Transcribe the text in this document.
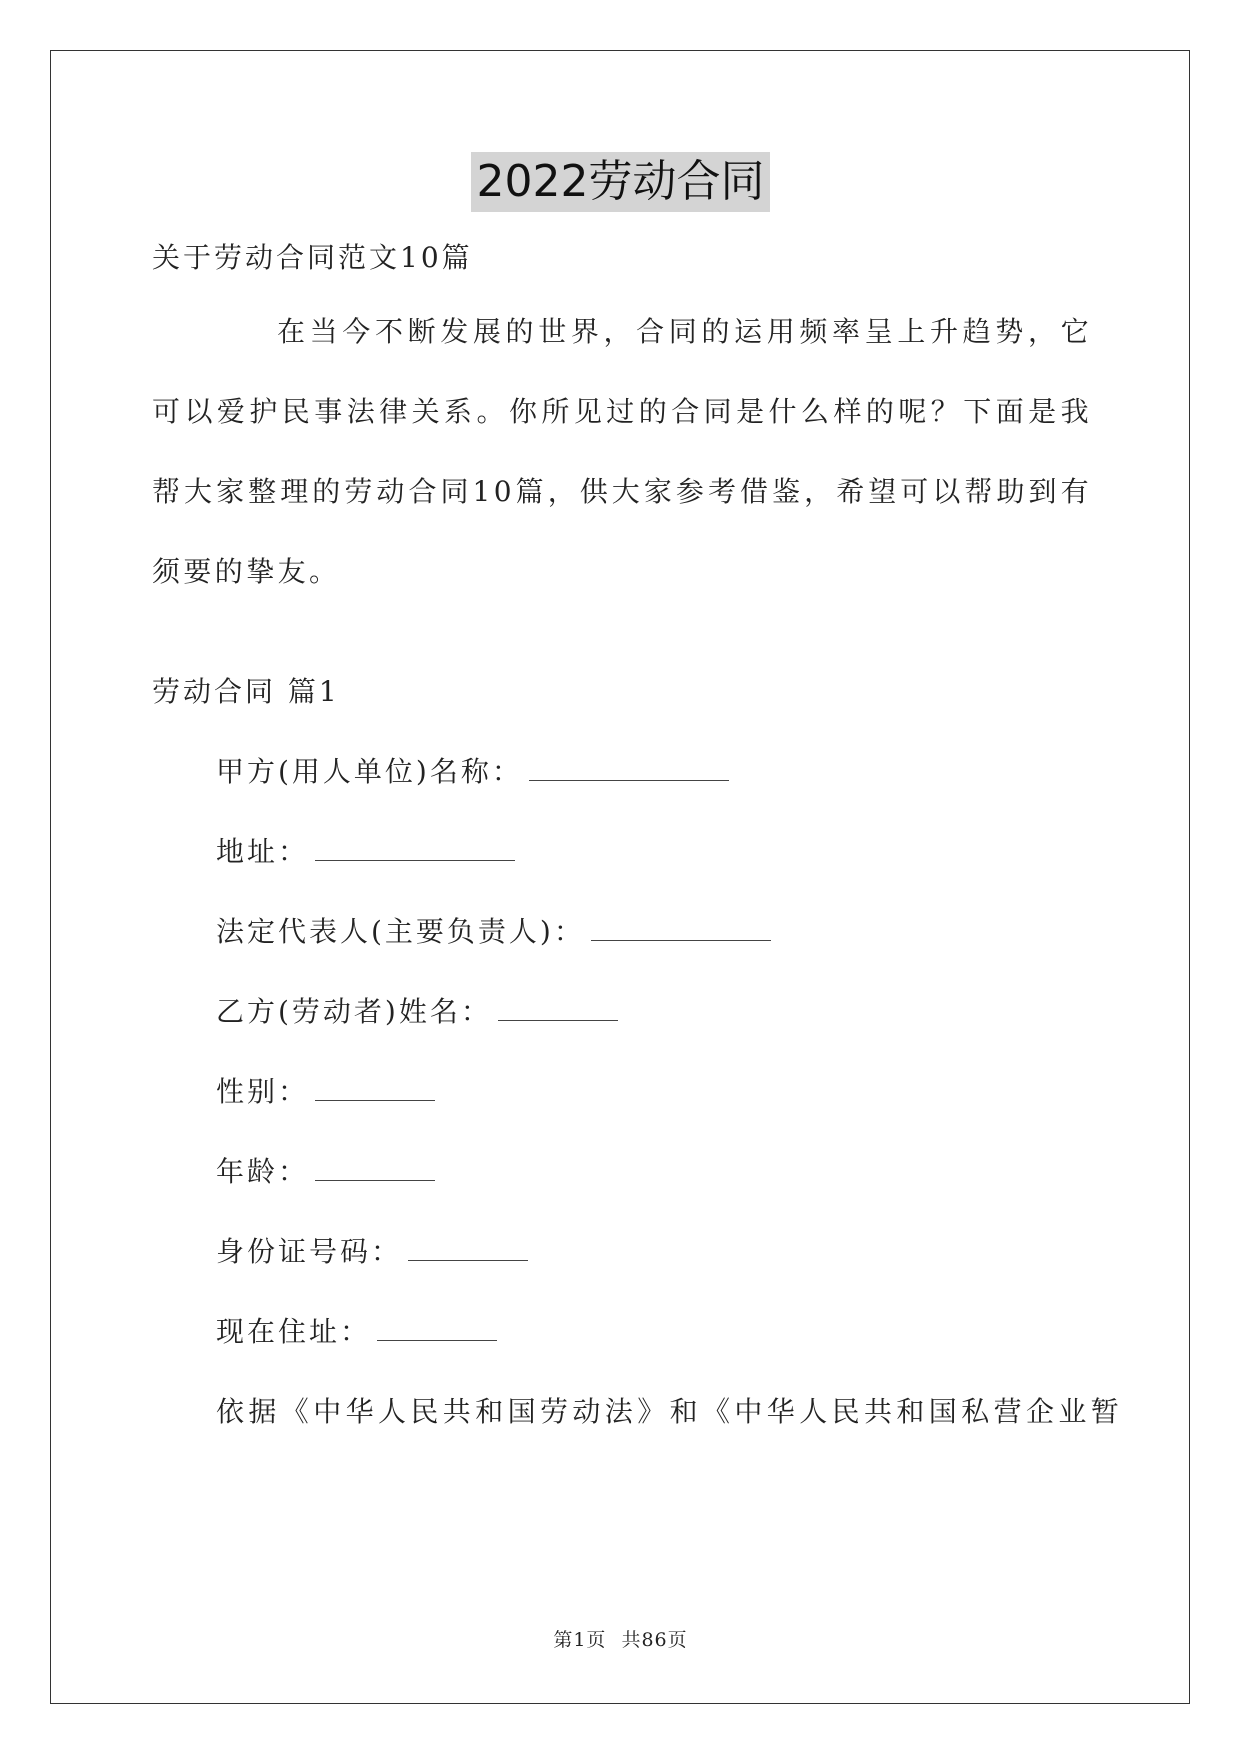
2022劳动合同
关于劳动合同范文10篇
在当今不断发展的世界，合同的运用频率呈上升趋势，它可以爱护民事法律关系。你所见过的合同是什么样的呢？下面是我帮大家整理的劳动合同10篇，供大家参考借鉴，希望可以帮助到有须要的挚友。
劳动合同 篇1
甲方(用人单位)名称：
地址：
法定代表人(主要负责人)：
乙方(劳动者)姓名：
性别：
年龄：
身份证号码：
现在住址：
依据《中华人民共和国劳动法》和《中华人民共和国私营企业暂
第1页 共86页
